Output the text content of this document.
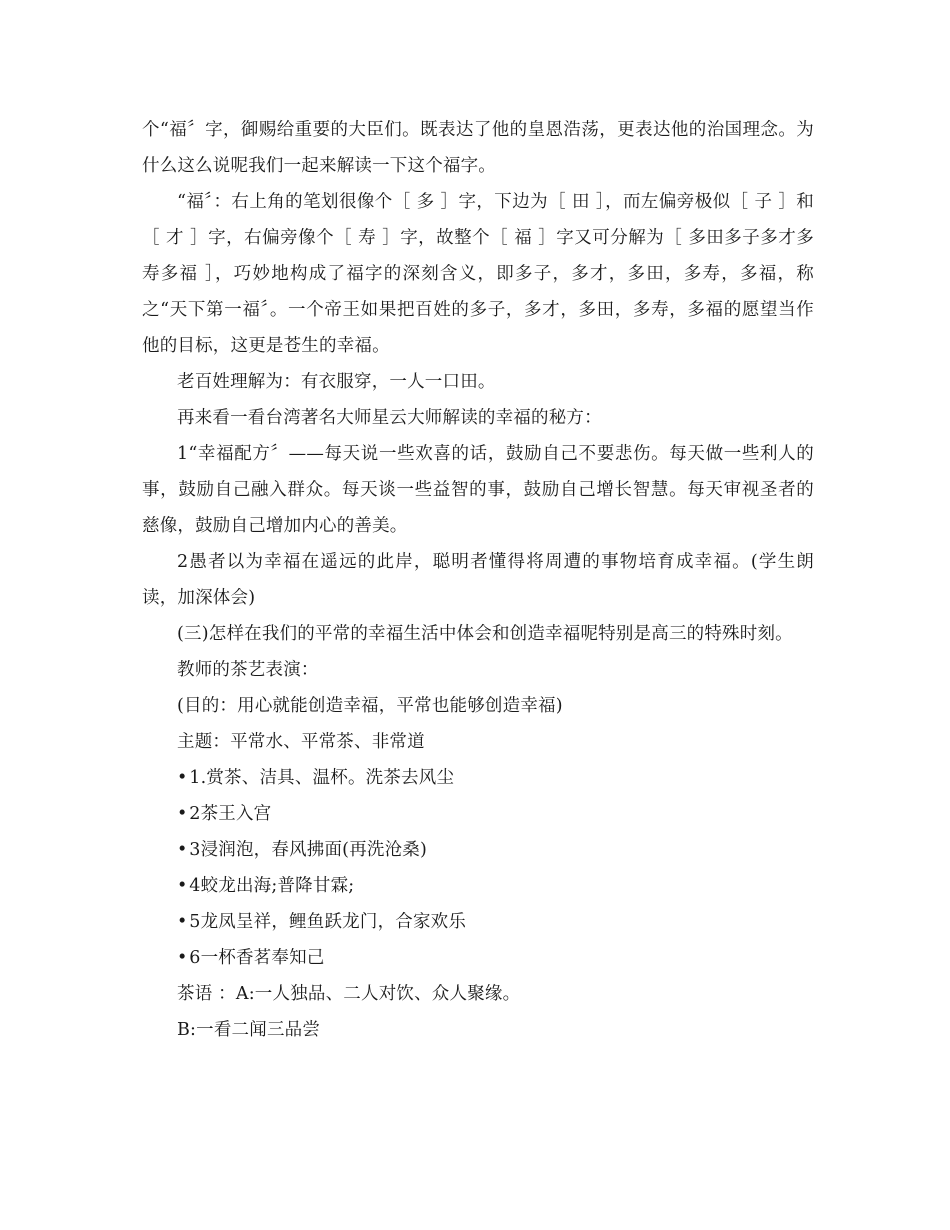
个“福〞字，御赐给重要的大臣们。既表达了他的皇恩浩荡，更表达他的治国理念。为什么这么说呢我们一起来解读一下这个福字。

“福〞：右上角的笔划很像个［ 多 ］字，下边为［ 田 ］，而左偏旁极似［ 子 ］和［ 才 ］字，右偏旁像个［ 寿 ］字，故整个［ 福 ］字又可分解为［ 多田多子多才多寿多福 ］，巧妙地构成了福字的深刻含义，即多子，多才，多田，多寿，多福，称之“天下第一福〞。一个帝王如果把百姓的多子，多才，多田，多寿，多福的愿望当作他的目标，这更是苍生的幸福。

老百姓理解为：有衣服穿，一人一口田。

再来看一看台湾著名大师星云大师解读的幸福的秘方：

1“幸福配方〞——每天说一些欢喜的话，鼓励自己不要悲伤。每天做一些利人的事，鼓励自己融入群众。每天谈一些益智的事，鼓励自己增长智慧。每天审视圣者的慈像，鼓励自己增加内心的善美。

2愚者以为幸福在遥远的此岸，聪明者懂得将周遭的事物培育成幸福。(学生朗读，加深体会)

(三)怎样在我们的平常的幸福生活中体会和创造幸福呢特别是高三的特殊时刻。

教师的茶艺表演：

(目的：用心就能创造幸福，平常也能够创造幸福)

主题：平常水、平常茶、非常道

•1.赏茶、洁具、温杯。洗茶去风尘

•2茶王入宫

•3浸润泡，春风拂面(再洗沧桑)

•4蛟龙出海;普降甘霖;

•5龙凤呈祥，鲤鱼跃龙门，合家欢乐

•6一杯香茗奉知己

茶语 ：A:一人独品、二人对饮、众人聚缘。

B:一看二闻三品尝
